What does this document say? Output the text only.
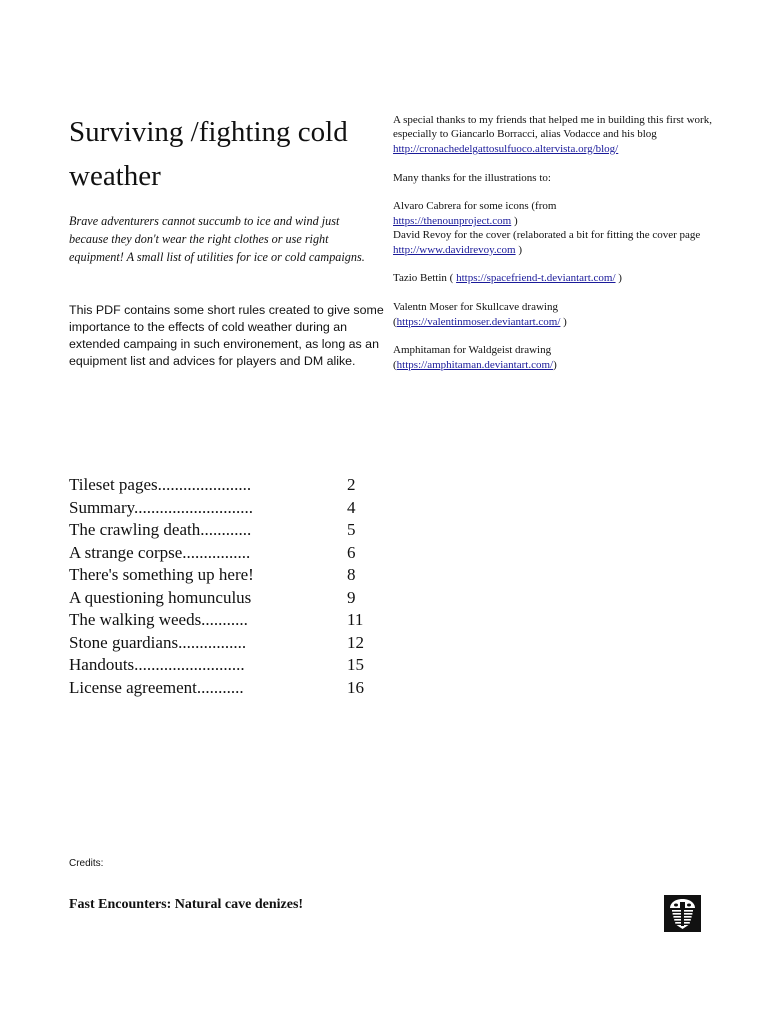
Surviving /fighting cold weather
Brave adventurers cannot succumb to ice and wind just because they don't wear the right clothes or use right equipment! A small list of utilities for ice or cold campaigns.
This PDF contains some short rules created to give some importance to the effects of cold weather during an extended campaing in such environement, as long as an equipment list and advices for players and DM alike.

A special thanks to my friends that helped me in building this first work, especially to Giancarlo Borracci, alias Vodacce and his blog
http://cronachedelgattosulfuoco.altervista.org/blog/

Many thanks for the illustrations to:

Alvaro Cabrera for some icons (from
https://thenounproject.com )
David Revoy for the cover (relaborated a bit for fitting the cover page http://www.davidrevoy.com )

Tazio Bettin ( https://spacefriend-t.deviantart.com/ )

Valentn Moser for Skullcave drawing
(https://valentinmoser.deviantart.com/ )

Amphitaman for Waldgeist drawing
(https://amphitaman.deviantart.com/)

Tileset pages......................	2
Summary............................	4
The crawling death............	5
A strange corpse................	6
There's something up here!	8
A questioning homunculus	9
The walking weeds...........	11
Stone guardians................	12
Handouts..........................	15
License agreement...........	16
Credits:
Fast Encounters: Natural cave denizes!
